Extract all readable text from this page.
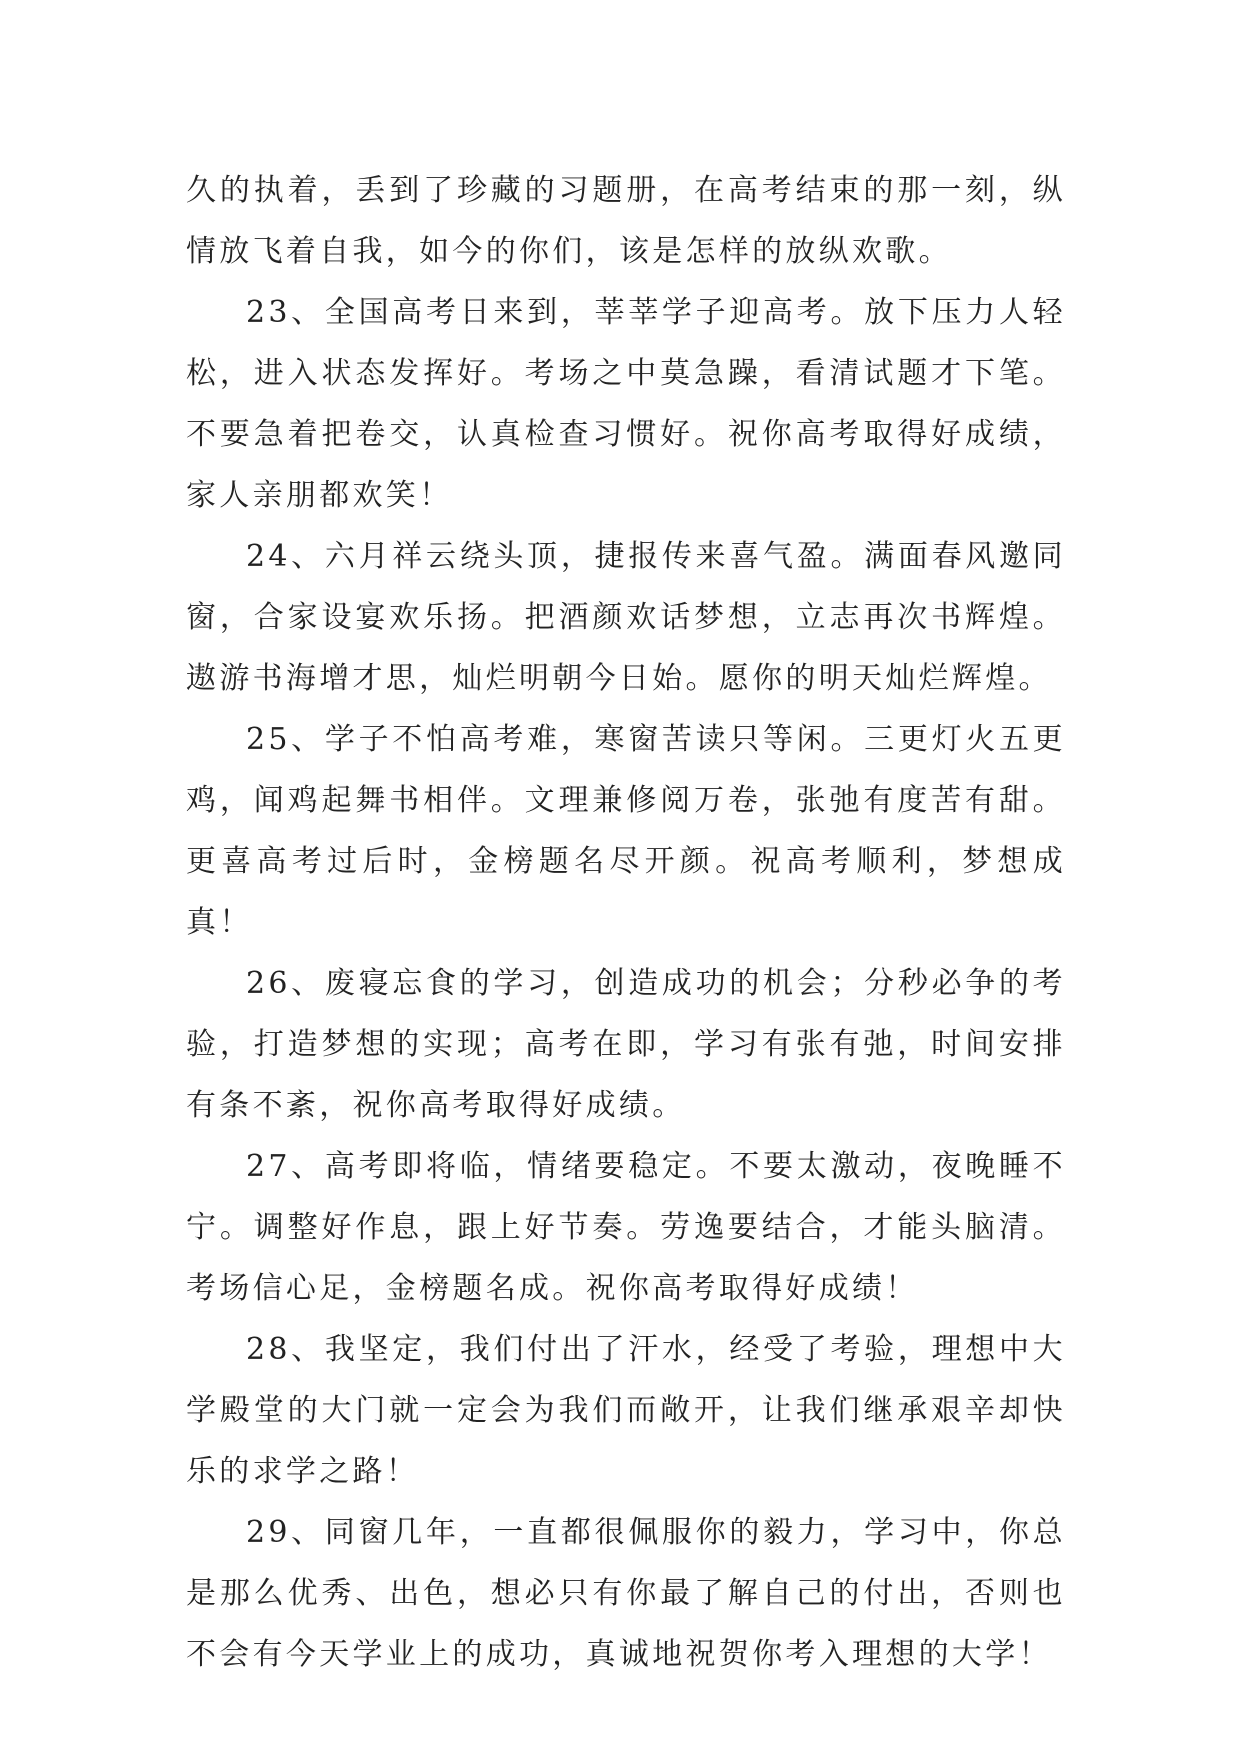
久的执着，丢到了珍藏的习题册，在高考结束的那一刻，纵情放飞着自我，如今的你们，该是怎样的放纵欢歌。

23、全国高考日来到，莘莘学子迎高考。放下压力人轻松，进入状态发挥好。考场之中莫急躁，看清试题才下笔。不要急着把卷交，认真检查习惯好。祝你高考取得好成绩，家人亲朋都欢笑！

24、六月祥云绕头顶，捷报传来喜气盈。满面春风邀同窗，合家设宴欢乐扬。把酒颜欢话梦想，立志再次书辉煌。遨游书海增才思，灿烂明朝今日始。愿你的明天灿烂辉煌。

25、学子不怕高考难，寒窗苦读只等闲。三更灯火五更鸡，闻鸡起舞书相伴。文理兼修阅万卷，张弛有度苦有甜。更喜高考过后时，金榜题名尽开颜。祝高考顺利，梦想成真！

26、废寝忘食的学习，创造成功的机会；分秒必争的考验，打造梦想的实现；高考在即，学习有张有弛，时间安排有条不紊，祝你高考取得好成绩。

27、高考即将临，情绪要稳定。不要太激动，夜晚睡不宁。调整好作息，跟上好节奏。劳逸要结合，才能头脑清。考场信心足，金榜题名成。祝你高考取得好成绩！

28、我坚定，我们付出了汗水，经受了考验，理想中大学殿堂的大门就一定会为我们而敞开，让我们继承艰辛却快乐的求学之路！

29、同窗几年，一直都很佩服你的毅力，学习中，你总是那么优秀、出色，想必只有你最了解自己的付出，否则也不会有今天学业上的成功，真诚地祝贺你考入理想的大学！
